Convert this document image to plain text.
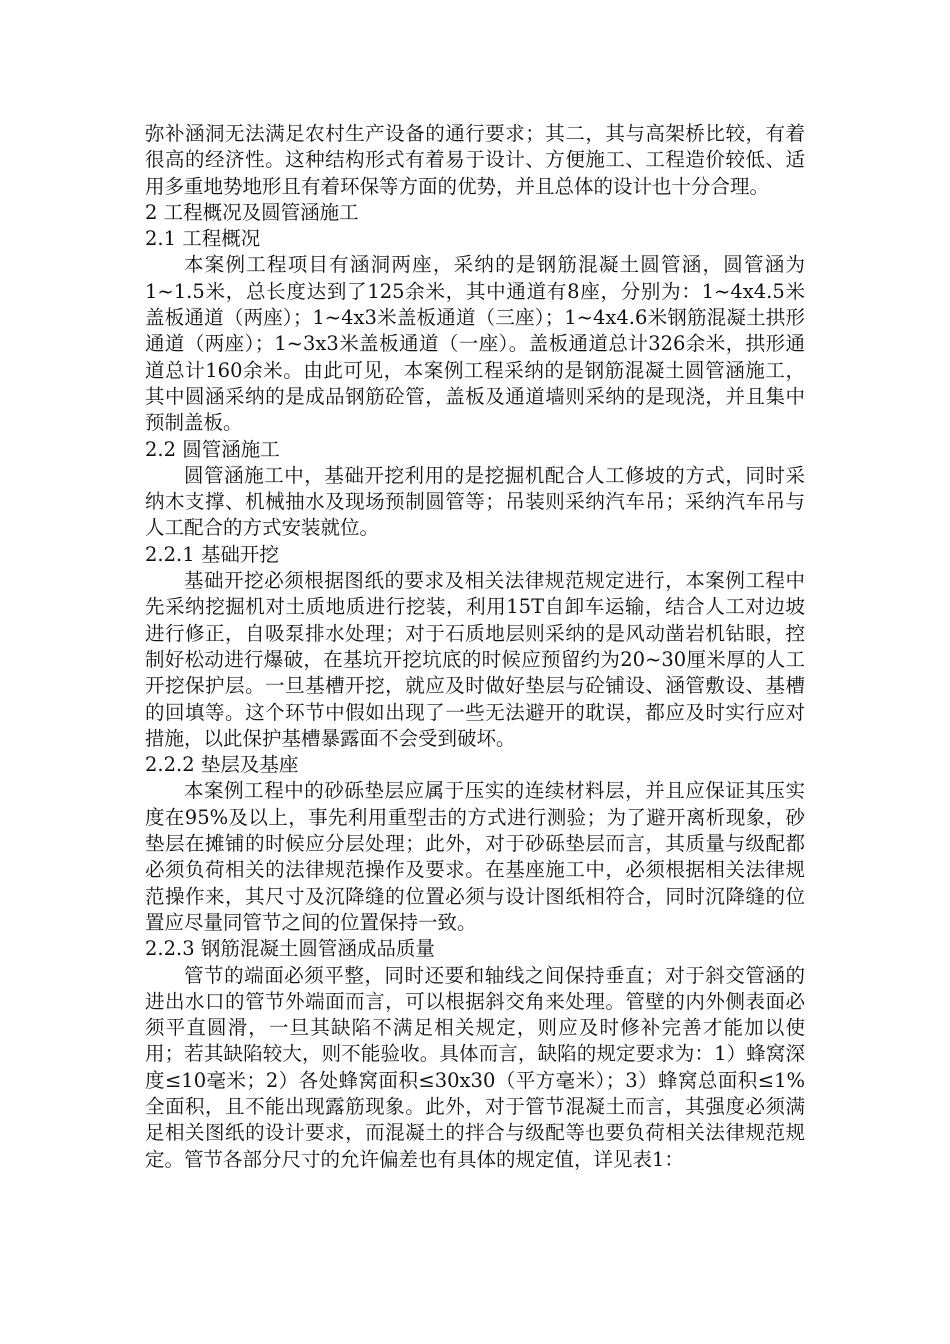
弥补涵洞无法满足农村生产设备的通行要求；其二，其与高架桥比较，有着很高的经济性。这种结构形式有着易于设计、方便施工、工程造价较低、适用多重地势地形且有着环保等方面的优势，并且总体的设计也十分合理。

2 工程概况及圆管涵施工

2.1 工程概况

本案例工程项目有涵洞两座，采纳的是钢筋混凝土圆管涵，圆管涵为1~1.5米，总长度达到了125余米，其中通道有8座，分别为：1~4x4.5米盖板通道（两座）；1~4x3米盖板通道（三座）；1~4x4.6米钢筋混凝土拱形通道（两座）；1~3x3米盖板通道（一座）。盖板通道总计326余米，拱形通道总计160余米。由此可见，本案例工程采纳的是钢筋混凝土圆管涵施工，其中圆涵采纳的是成品钢筋砼管，盖板及通道墙则采纳的是现浇，并且集中预制盖板。

2.2 圆管涵施工

圆管涵施工中，基础开挖利用的是挖掘机配合人工修坡的方式，同时采纳木支撑、机械抽水及现场预制圆管等；吊装则采纳汽车吊；采纳汽车吊与人工配合的方式安装就位。

2.2.1 基础开挖

基础开挖必须根据图纸的要求及相关法律规范规定进行，本案例工程中先采纳挖掘机对土质地质进行挖装，利用15T自卸车运输，结合人工对边坡进行修正，自吸泵排水处理；对于石质地层则采纳的是风动凿岩机钻眼，控制好松动进行爆破，在基坑开挖坑底的时候应预留约为20~30厘米厚的人工开挖保护层。一旦基槽开挖，就应及时做好垫层与砼铺设、涵管敷设、基槽的回填等。这个环节中假如出现了一些无法避开的耽误，都应及时实行应对措施，以此保护基槽暴露面不会受到破坏。

2.2.2 垫层及基座

本案例工程中的砂砾垫层应属于压实的连续材料层，并且应保证其压实度在95%及以上，事先利用重型击的方式进行测验；为了避开离析现象，砂垫层在摊铺的时候应分层处理；此外，对于砂砾垫层而言，其质量与级配都必须负荷相关的法律规范操作及要求。在基座施工中，必须根据相关法律规范操作来，其尺寸及沉降缝的位置必须与设计图纸相符合，同时沉降缝的位置应尽量同管节之间的位置保持一致。

2.2.3 钢筋混凝土圆管涵成品质量

管节的端面必须平整，同时还要和轴线之间保持垂直；对于斜交管涵的进出水口的管节外端面而言，可以根据斜交角来处理。管壁的内外侧表面必须平直圆滑，一旦其缺陷不满足相关规定，则应及时修补完善才能加以使用；若其缺陷较大，则不能验收。具体而言，缺陷的规定要求为：1）蜂窝深度≤10毫米；2）各处蜂窝面积≤30x30（平方毫米）；3）蜂窝总面积≤1%全面积，且不能出现露筋现象。此外，对于管节混凝土而言，其强度必须满足相关图纸的设计要求，而混凝土的拌合与级配等也要负荷相关法律规范规定。管节各部分尺寸的允许偏差也有具体的规定值，详见表1：
